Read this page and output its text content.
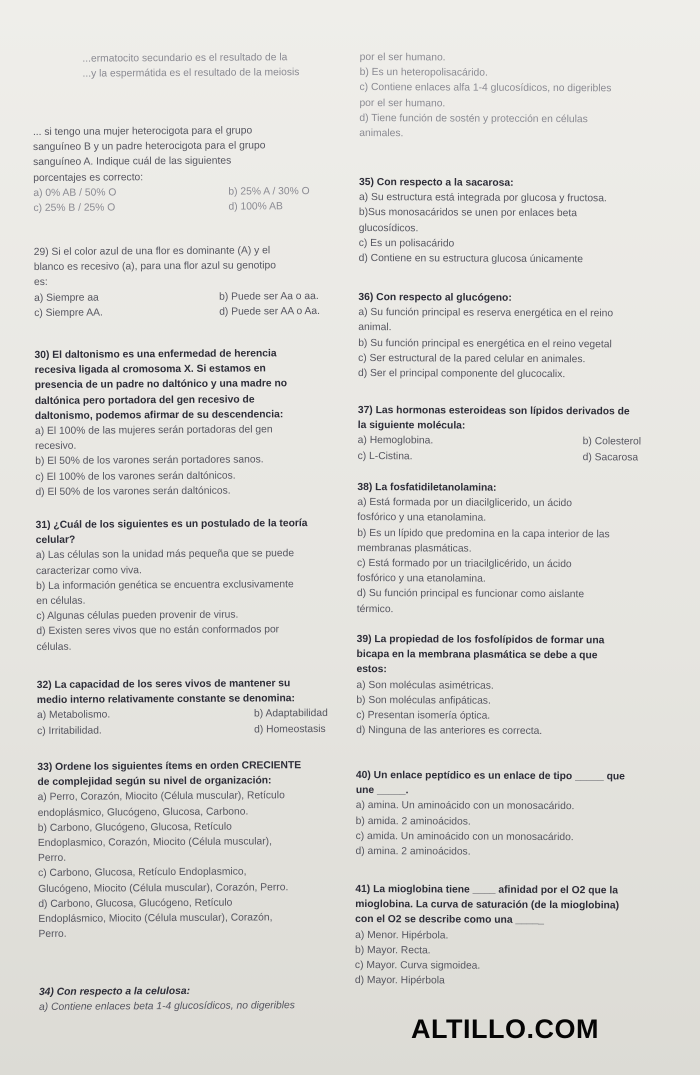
...ermatocito secundario es el resultado de la
...y la espermátida es el resultado de la meiosis
... si tengo una mujer heterocigota para el grupo
sanguíneo B y un padre heterocigota para el grupo
sanguíneo A. Indique cuál de las siguientes
porcentajes es correcto:
a) 0% AB / 50% O	b) 25% A / 30% O
c) 25% B / 25% O	d) 100% AB
29) Si el color azul de una flor es dominante (A) y el
blanco es recesivo (a), para una flor azul su genotipo
es:
a) Siempre aa	b) Puede ser Aa o aa.
c) Siempre AA.	d) Puede ser AA o Aa.
30) El daltonismo es una enfermedad de herencia
recesiva ligada al cromosoma X. Si estamos en
presencia de un padre no daltónico y una madre no
daltónica pero portadora del gen recesivo de
daltonismo, podemos afirmar de su descendencia:
a) El 100% de las mujeres serán portadoras del gen
recesivo.
b) El 50% de los varones serán portadores sanos.
c) El 100% de los varones serán daltónicos.
d) El 50% de los varones serán daltónicos.
31) ¿Cuál de los siguientes es un postulado de la teoría
celular?
a) Las células son la unidad más pequeña que se puede
caracterizar como viva.
b) La información genética se encuentra exclusivamente
en células.
c) Algunas células pueden provenir de virus.
d) Existen seres vivos que no están conformados por
células.
32) La capacidad de los seres vivos de mantener su
medio interno relativamente constante se denomina:
a) Metabolismo.	b) Adaptabilidad
c) Irritabilidad.	d) Homeostasis
33) Ordene los siguientes ítems en orden CRECIENTE
de complejidad según su nivel de organización:
a) Perro, Corazón, Miocito (Célula muscular), Retículo
endoplásmico, Glucógeno, Glucosa, Carbono.
b) Carbono, Glucógeno, Glucosa, Retículo
Endoplasmico, Corazón, Miocito (Célula muscular),
Perro.
c) Carbono, Glucosa, Retículo Endoplasmico,
Glucógeno, Miocito (Célula muscular), Corazón, Perro.
d) Carbono, Glucosa, Glucógeno, Retículo
Endoplásmico, Miocito (Célula muscular), Corazón,
Perro.
34) Con respecto a la celulosa:
a) Contiene enlaces beta 1-4 glucosídicos, no digeribles
por el ser humano.
b) Es un heteropolisacárido.
c) Contiene enlaces alfa 1-4 glucosídicos, no digeribles
por el ser humano.
d) Tiene función de sostén y protección en células
animales.
35) Con respecto a la sacarosa:
a) Su estructura está integrada por glucosa y fructosa.
b)Sus monosacáridos se unen por enlaces beta
glucosídicos.
c) Es un polisacárido
d) Contiene en su estructura glucosa únicamente
36) Con respecto al glucógeno:
a) Su función principal es reserva energética en el reino
animal.
b) Su función principal es energética en el reino vegetal
c) Ser estructural de la pared celular en animales.
d) Ser el principal componente del glucocalix.
37) Las hormonas esteroideas son lípidos derivados de
la siguiente molécula:
a) Hemoglobina.	b) Colesterol
c) L-Cistina.	d) Sacarosa
38) La fosfatidiletanolamina:
a) Está formada por un diacilglicerido, un ácido
fosfórico y una etanolamina.
b) Es un lípido que predomina en la capa interior de las
membranas plasmáticas.
c) Está formado por un triacilglicérido, un ácido
fosfórico y una etanolamina.
d) Su función principal es funcionar como aislante
térmico.
39) La propiedad de los fosfolípidos de formar una
bicapa en la membrana plasmática se debe a que
estos:
a) Son moléculas asimétricas.
b) Son moléculas anfipáticas.
c) Presentan isomería óptica.
d) Ninguna de las anteriores es correcta.
40) Un enlace peptídico es un enlace de tipo _____ que
une _____.
a) amina. Un aminoácido con un monosacárido.
b) amida. 2 aminoácidos.
c) amida. Un aminoácido con un monosacárido.
d) amina. 2 aminoácidos.
41) La mioglobina tiene ____ afinidad por el O2 que la
mioglobina. La curva de saturación (de la mioglobina)
con el O2 se describe como una _____
a) Menor. Hipérbola.
b) Mayor. Recta.
c) Mayor. Curva sigmoidea.
d) Mayor. Hipérbola
ALTILLO.COM
